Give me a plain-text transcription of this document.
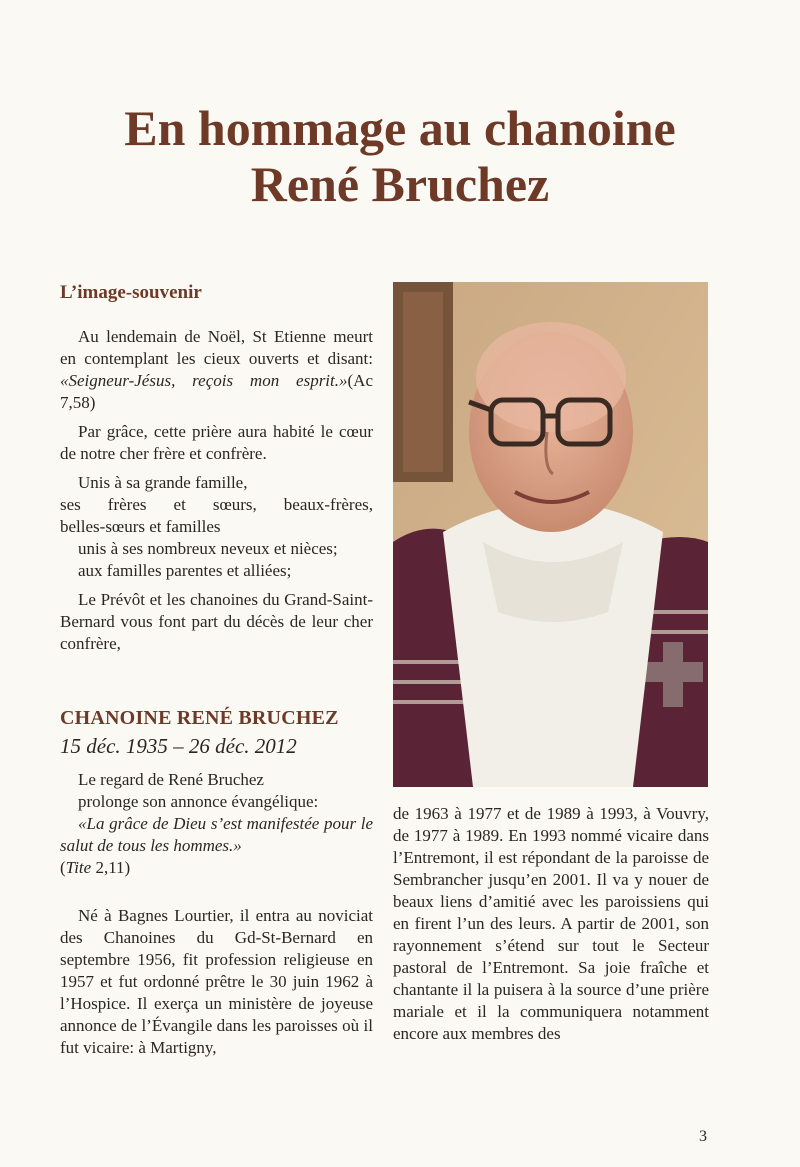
En hommage au chanoine
René Bruchez
L’image-souvenir

Au lendemain de Noël, St Etienne meurt en contemplant les cieux ouverts et disant: «Seigneur-Jésus, reçois mon esprit.»(Ac 7,58)

Par grâce, cette prière aura habité le cœur de notre cher frère et confrère.

Unis à sa grande famille,
ses frères et sœurs, beaux-frères,
belles-sœurs et familles
unis à ses nombreux neveux et nièces;
aux familles parentes et alliées;

Le Prévôt et les chanoines du Grand-Saint-Bernard vous font part du décès de leur cher confrère,

CHANOINE RENÉ BRUCHEZ
15 déc. 1935 – 26 déc. 2012
Le regard de René Bruchez
prolonge son annonce évangélique:
«La grâce de Dieu s’est manifestée pour le salut de tous les hommes.»
(Tite 2,11)

Né à Bagnes Lourtier, il entra au noviciat des Chanoines du Gd-St-Bernard en septembre 1956, fit profession religieuse en 1957 et fut ordonné prêtre le 30 juin 1962 à l’Hospice. Il exerça un ministère de joyeuse annonce de l’Évangile dans les paroisses où il fut vicaire: à Martigny,

de 1963 à 1977 et de 1989 à 1993, à Vouvry, de 1977 à 1989. En 1993 nommé vicaire dans l’Entremont, il est répondant de la paroisse de Sembrancher jusqu’en 2001. Il va y nouer de beaux liens d’amitié avec les paroissiens qui en firent l’un des leurs. A partir de 2001, son rayonnement s’étend sur tout le Secteur pastoral de l’Entremont. Sa joie fraîche et chantante il la puisera à la source d’une prière mariale et il la communiquera notamment encore aux membres des

3
